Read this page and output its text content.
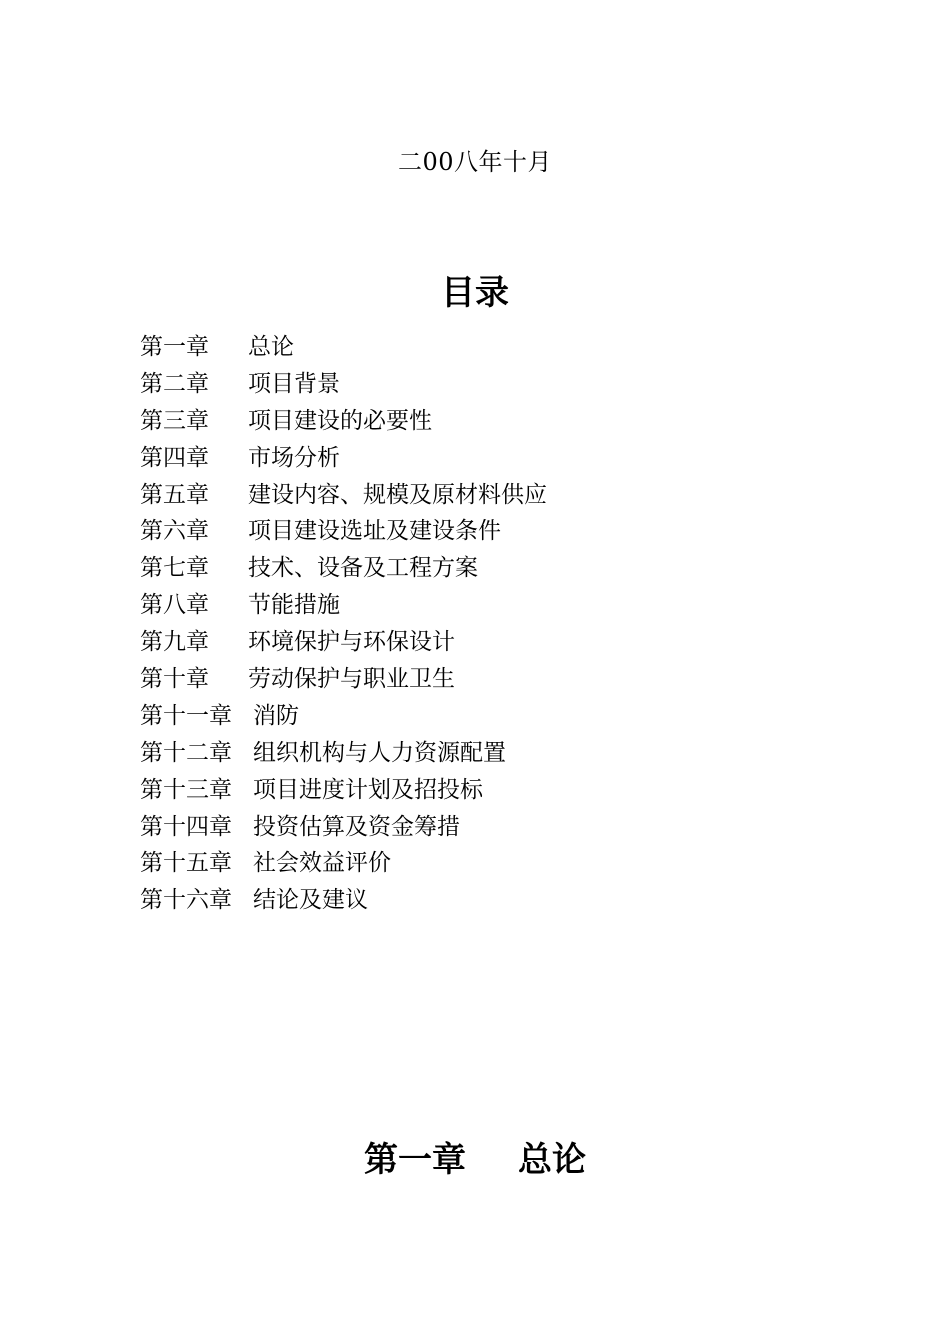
二00八年十月
目录
第一章	总论
第二章	项目背景
第三章	项目建设的必要性
第四章	市场分析
第五章	建设内容、规模及原材料供应
第六章	项目建设选址及建设条件
第七章	技术、设备及工程方案
第八章	节能措施
第九章	环境保护与环保设计
第十章	劳动保护与职业卫生
第十一章 消防
第十二章 组织机构与人力资源配置
第十三章 项目进度计划及招投标
第十四章 投资估算及资金筹措
第十五章 社会效益评价
第十六章 结论及建议
第一章 总论
